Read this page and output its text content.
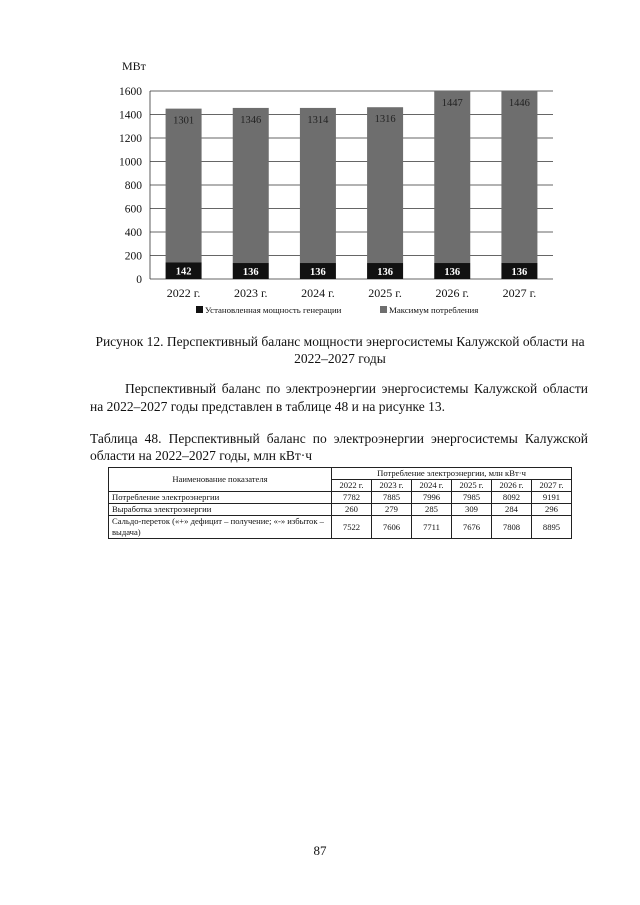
МВт
0
200
400
600
800
1000
1200
1400
1600
142
1301
2022 г.
136
1346
2023 г.
136
1314
2024 г.
136
1316
2025 г.
136
1447
2026 г.
136
1446
2027 г.
Установленная мощность генерации	Максимум потребления
Рисунок 12. Перспективный баланс мощности энергосистемы Калужской области на 2022–2027 годы
Перспективный баланс по электроэнергии энергосистемы Калужской области на 2022–2027 годы представлен в таблице 48 и на рисунке 13.
Таблица 48. Перспективный баланс по электроэнергии энергосистемы Калужской области на 2022–2027 годы, млн кВт·ч
Наименование показателя	Потребление электроэнергии, млн кВт·ч					
	2022 г.	2023 г.	2024 г.	2025 г.	2026 г.	2027 г.
Потребление электроэнергии	7782	7885	7996	7985	8092	9191
Выработка электроэнергии	260	279	285	309	284	296
Сальдо-переток («+» дефицит – получение; «-» избыток – выдача)	7522	7606	7711	7676	7808	8895
87
